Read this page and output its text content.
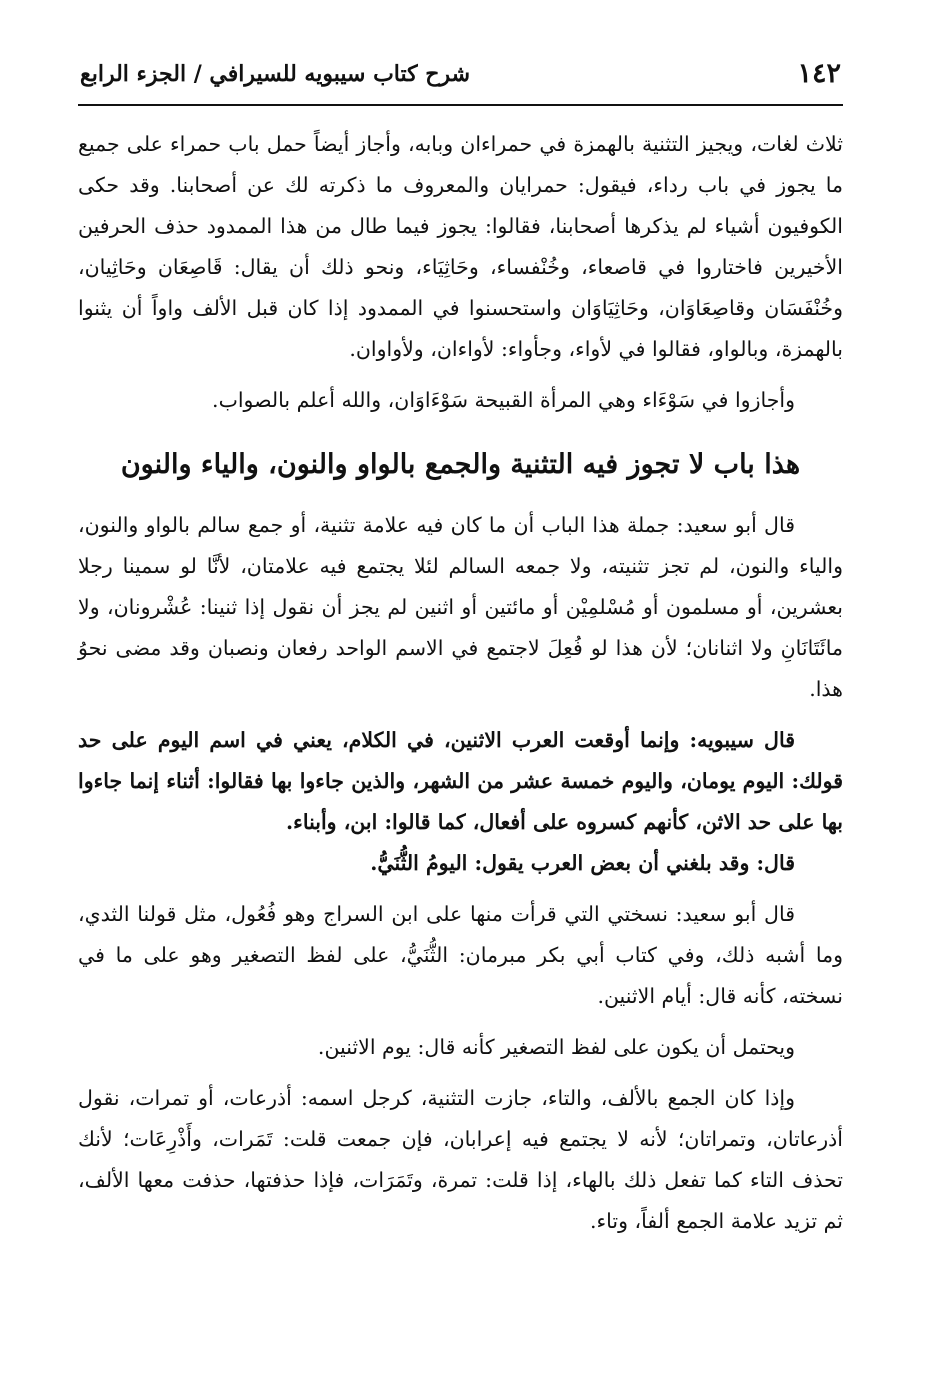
١٤٢
شرح كتاب سيبويه للسيرافي / الجزء الرابع

ثلاث لغات، ويجيز التثنية بالهمزة في حمراءان وبابه، وأجاز أيضاً حمل باب حمراء على جميع ما يجوز في باب رداء، فيقول: حمرايان والمعروف ما ذكرته لك عن أصحابنا. وقد حكى الكوفيون أشياء لم يذكرها أصحابنا، فقالوا: يجوز فيما طال من هذا الممدود حذف الحرفين الأخيرين فاختاروا في قاصعاء، وخُنْفساء، وحَاثِيَاء، ونحو ذلك أن يقال: قَاصِعَان وحَاثِيان، وخُنْفَسَان وقاصِعَاوَان، وحَاثِيَاوَان واستحسنوا في الممدود إذا كان قبل الألف واواً أن يثنوا بالهمزة، وبالواو، فقالوا في لأواء، وجأواء: لأواءان، ولأواوان.

وأجازوا في سَوْءَاء وهي المرأة القبيحة سَوْءَاوَان، والله أعلم بالصواب.

هذا باب لا تجوز فيه التثنية والجمع بالواو والنون، والياء والنون

قال أبو سعيد: جملة هذا الباب أن ما كان فيه علامة تثنية، أو جمع سالم بالواو والنون، والياء والنون، لم تجز تثنيته، ولا جمعه السالم لئلا يجتمع فيه علامتان، لأنَّا لو سمينا رجلا بعشرين، أو مسلمون أو مُسْلمِيْن أو مائتين أو اثنين لم يجز أن نقول إذا ثنينا: عُشْرونان، ولا مائَتَانَانِ ولا اثنانان؛ لأن هذا لو فُعِلَ لاجتمع في الاسم الواحد رفعان ونصبان وقد مضى نحوُ هذا.

قال سيبويه: وإنما أوقعت العرب الاثنين، في الكلام، يعني في اسم اليوم على حد قولك: اليوم يومان، واليوم خمسة عشر من الشهر، والذين جاءوا بها فقالوا: أثناء إنما جاءوا بها على حد الاثن، كأنهم كسروه على أفعال، كما قالوا: ابن، وأبناء.

قال: وقد بلغني أن بعض العرب يقول: اليومُ الثُّنَيُّ.

قال أبو سعيد: نسختي التي قرأت منها على ابن السراج وهو فُعُول، مثل قولنا الثدي، وما أشبه ذلك، وفي كتاب أبي بكر مبرمان: الثُّنَيُّ، على لفظ التصغير وهو على ما في نسخته، كأنه قال: أيام الاثنين.

ويحتمل أن يكون على لفظ التصغير كأنه قال: يوم الاثنين.

وإذا كان الجمع بالألف، والتاء، جازت التثنية، كرجل اسمه: أذرعات، أو تمرات، نقول أذرعاتان، وتمراتان؛ لأنه لا يجتمع فيه إعرابان، فإن جمعت قلت: تَمَرات، وأَذْرِعَات؛ لأنك تحذف التاء كما تفعل ذلك بالهاء، إذا قلت: تمرة، وتَمَرَات، فإذا حذفتها، حذفت معها الألف، ثم تزيد علامة الجمع ألفاً، وتاء.
